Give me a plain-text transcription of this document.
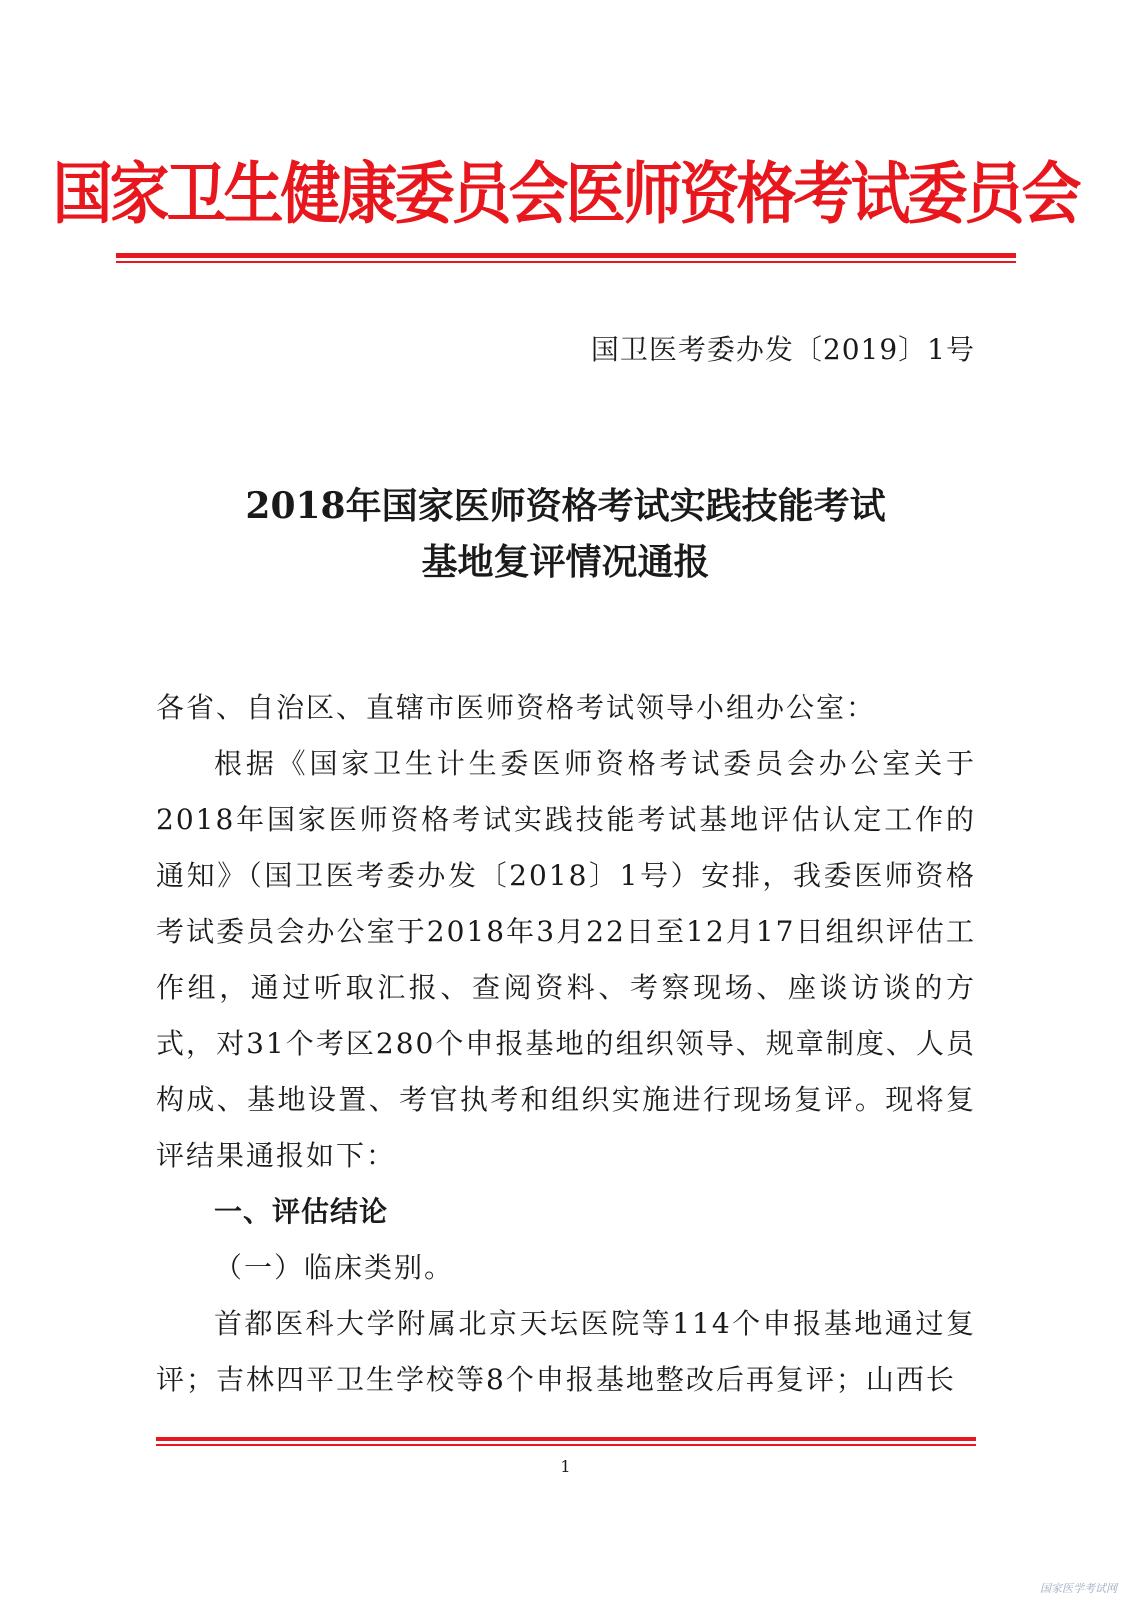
国家卫生健康委员会医师资格考试委员会
国卫医考委办发〔2019〕1号
2018年国家医师资格考试实践技能考试
基地复评情况通报

各省、自治区、直辖市医师资格考试领导小组办公室：

根据《国家卫生计生委医师资格考试委员会办公室关于2018年国家医师资格考试实践技能考试基地评估认定工作的通知》（国卫医考委办发〔2018〕1号）安排，我委医师资格考试委员会办公室于2018年3月22日至12月17日组织评估工作组，通过听取汇报、查阅资料、考察现场、座谈访谈的方式，对31个考区280个申报基地的组织领导、规章制度、人员构成、基地设置、考官执考和组织实施进行现场复评。现将复评结果通报如下：

一、评估结论

（一）临床类别。

首都医科大学附属北京天坛医院等114个申报基地通过复评；吉林四平卫生学校等8个申报基地整改后再复评；山西长

1
国家医学考试网
